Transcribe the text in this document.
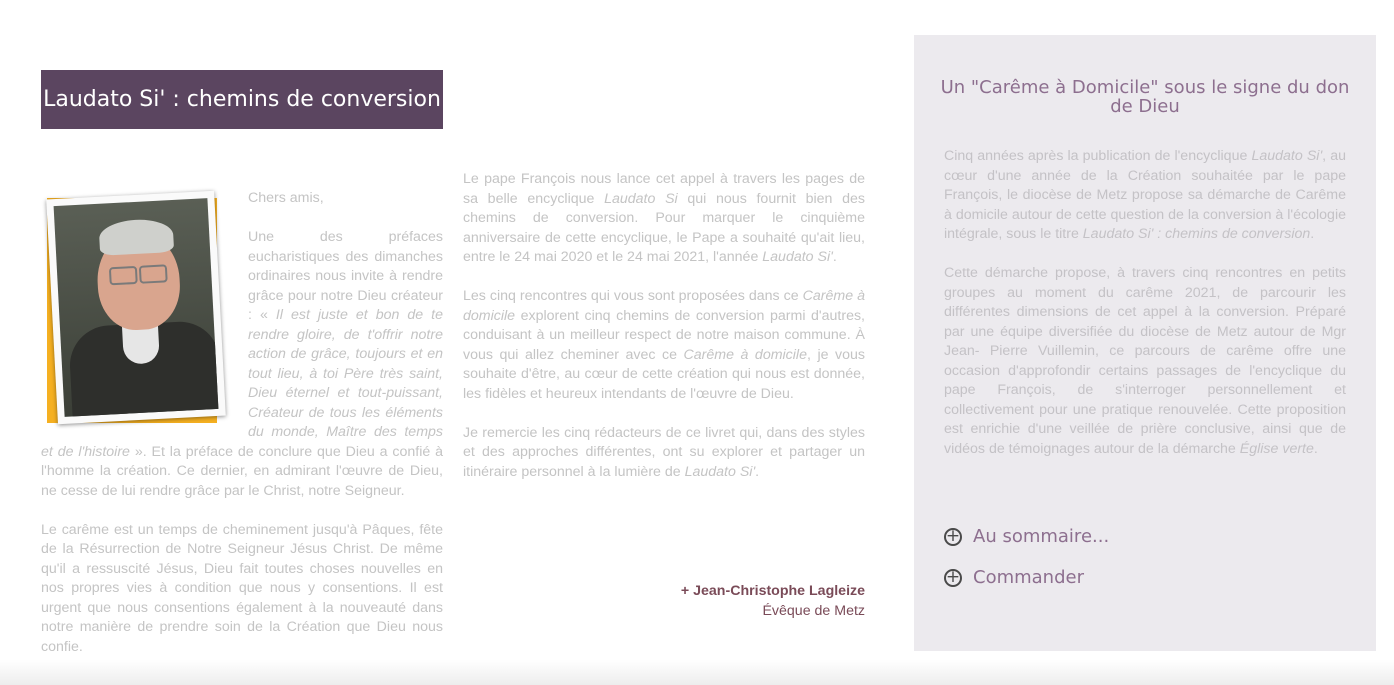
Laudato Si' : chemins de conversion

Chers amis,

Une des préfaces eucharistiques des dimanches ordinaires nous invite à rendre grâce pour notre Dieu créateur : « Il est juste et bon de te rendre gloire, de t'offrir notre action de grâce, toujours et en tout lieu, à toi Père très saint, Dieu éternel et tout-puissant, Créateur de tous les éléments du monde, Maître des temps et de l'histoire ». Et la préface de conclure que Dieu a confié à l'homme la création. Ce dernier, en admirant l'œuvre de Dieu, ne cesse de lui rendre grâce par le Christ, notre Seigneur.

Le carême est un temps de cheminement jusqu'à Pâques, fête de la Résurrection de Notre Seigneur Jésus Christ. De même qu'il a ressuscité Jésus, Dieu fait toutes choses nouvelles en nos propres vies à condition que nous y consentions. Il est urgent que nous consentions également à la nouveauté dans notre manière de prendre soin de la Création que Dieu nous confie.

Le pape François nous lance cet appel à travers les pages de sa belle encyclique Laudato Si qui nous fournit bien des chemins de conversion. Pour marquer le cinquième anniversaire de cette encyclique, le Pape a souhaité qu'ait lieu, entre le 24 mai 2020 et le 24 mai 2021, l'année Laudato Si'.

Les cinq rencontres qui vous sont proposées dans ce Carême à domicile explorent cinq chemins de conversion parmi d'autres, conduisant à un meilleur respect de notre maison commune. À vous qui allez cheminer avec ce Carême à domicile, je vous souhaite d'être, au cœur de cette création qui nous est donnée, les fidèles et heureux intendants de l'œuvre de Dieu.

Je remercie les cinq rédacteurs de ce livret qui, dans des styles et des approches différentes, ont su explorer et partager un itinéraire personnel à la lumière de Laudato Si'.

+ Jean-Christophe Lagleize
Évêque de Metz
Un "Carême à Domicile" sous le signe du don de Dieu

Cinq années après la publication de l'encyclique Laudato Si', au cœur d'une année de la Création souhaitée par le pape François, le diocèse de Metz propose sa démarche de Carême à domicile autour de cette question de la conversion à l'écologie intégrale, sous le titre Laudato Si' : chemins de conversion.

Cette démarche propose, à travers cinq rencontres en petits groupes au moment du carême 2021, de parcourir les différentes dimensions de cet appel à la conversion. Préparé par une équipe diversifiée du diocèse de Metz autour de Mgr Jean- Pierre Vuillemin, ce parcours de carême offre une occasion d'approfondir certains passages de l'encyclique du pape François, de s'interroger personnellement et collectivement pour une pratique renouvelée. Cette proposition est enrichie d'une veillée de prière conclusive, ainsi que de vidéos de témoignages autour de la démarche Église verte.

+ Au sommaire...
+ Commander
